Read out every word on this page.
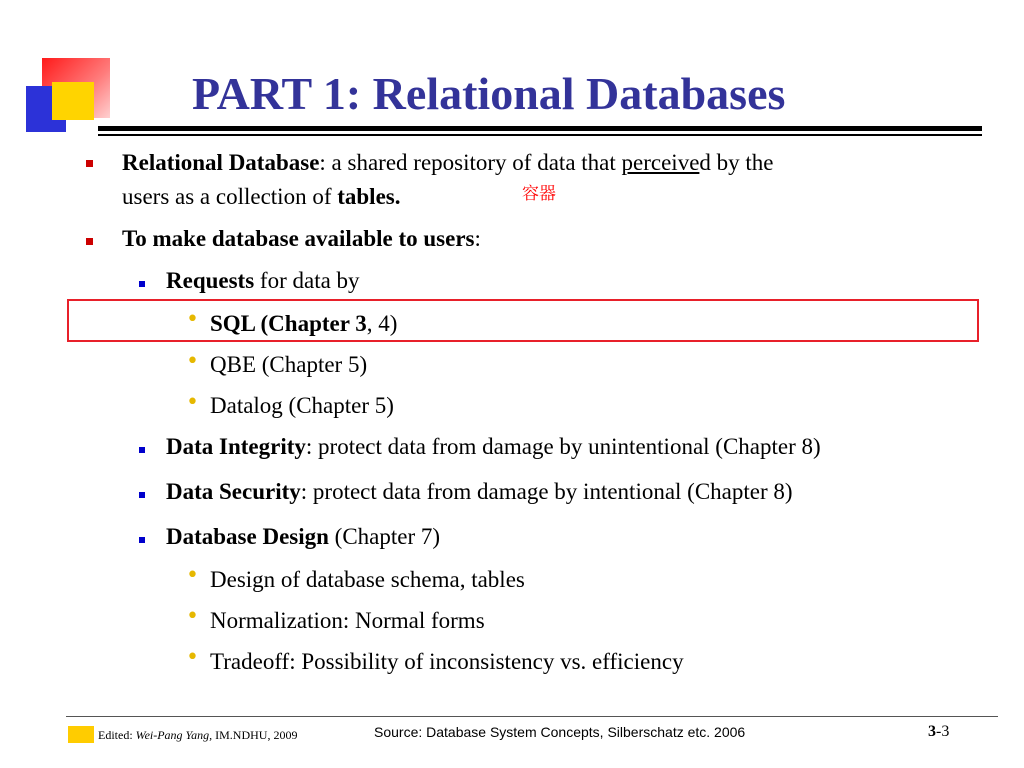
PART 1: Relational Databases
Relational Database: a shared repository of data that perceived by the
users as a collection of tables.	容器
To make database available to users:
Requests for data by
• SQL (Chapter 3, 4)
• QBE (Chapter 5)
• Datalog (Chapter 5)
Data Integrity: protect data from damage by unintentional (Chapter 8)
Data Security: protect data from damage by intentional (Chapter 8)
Database Design (Chapter 7)
• Design of database schema, tables
• Normalization: Normal forms
• Tradeoff: Possibility of inconsistency vs. efficiency
Edited: Wei-Pang Yang, IM.NDHU, 2009	Source: Database System Concepts, Silberschatz etc. 2006	3-3
